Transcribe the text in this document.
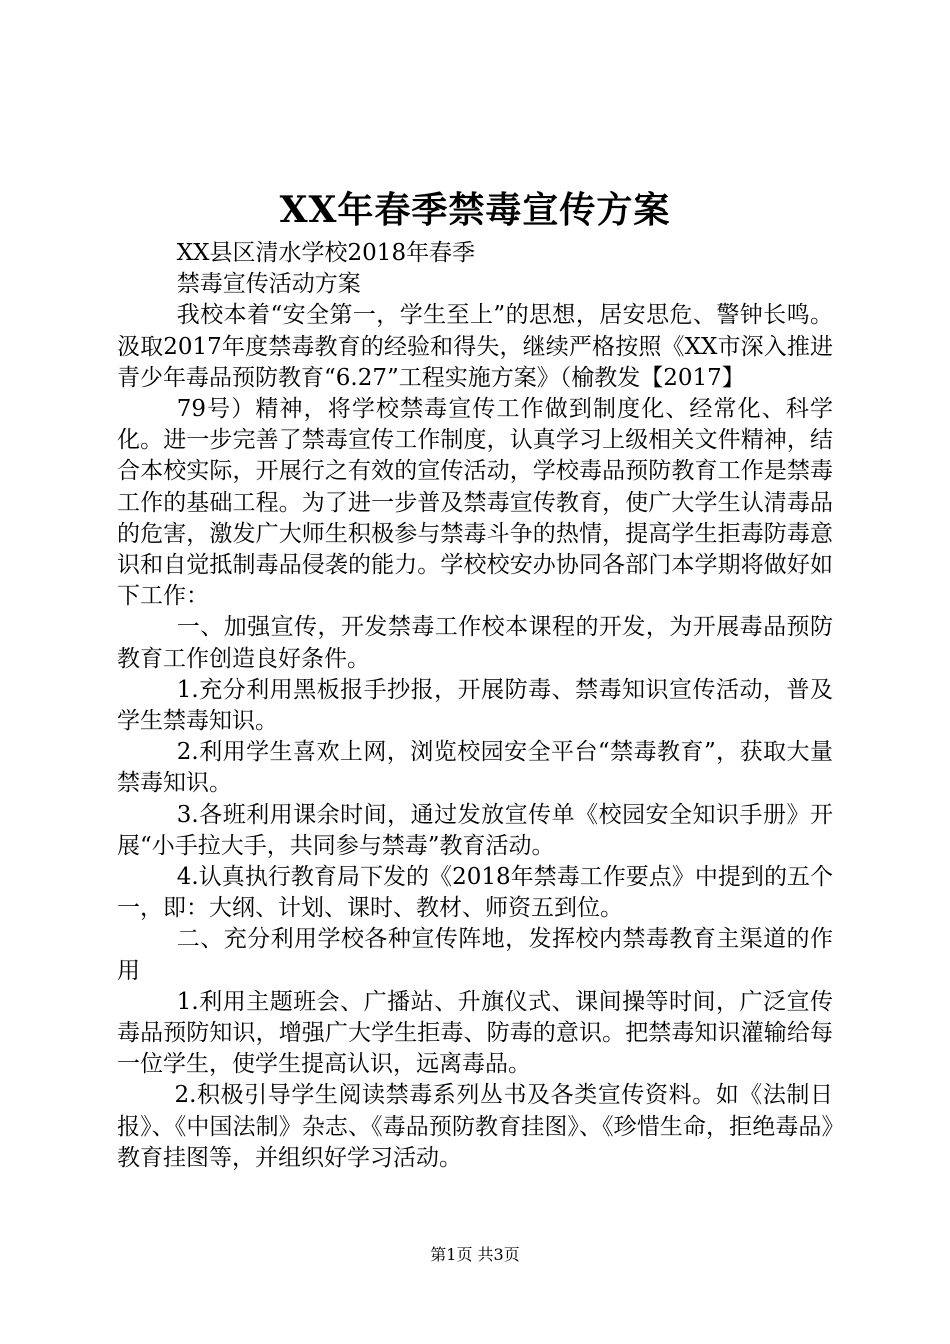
XX年春季禁毒宣传方案

XX县区清水学校2018年春季

禁毒宣传活动方案

我校本着“安全第一，学生至上”的思想，居安思危、警钟长鸣。汲取2017年度禁毒教育的经验和得失，继续严格按照《XX市深入推进青少年毒品预防教育“6.27”工程实施方案》（榆教发【2017】

79号）精神，将学校禁毒宣传工作做到制度化、经常化、科学化。进一步完善了禁毒宣传工作制度，认真学习上级相关文件精神，结合本校实际，开展行之有效的宣传活动，学校毒品预防教育工作是禁毒工作的基础工程。为了进一步普及禁毒宣传教育，使广大学生认清毒品的危害，激发广大师生积极参与禁毒斗争的热情，提高学生拒毒防毒意识和自觉抵制毒品侵袭的能力。学校校安办协同各部门本学期将做好如下工作：

一、加强宣传，开发禁毒工作校本课程的开发，为开展毒品预防教育工作创造良好条件。

1.充分利用黑板报手抄报，开展防毒、禁毒知识宣传活动，普及学生禁毒知识。

2.利用学生喜欢上网，浏览校园安全平台“禁毒教育”，获取大量禁毒知识。

3.各班利用课余时间，通过发放宣传单《校园安全知识手册》开展“小手拉大手，共同参与禁毒”教育活动。

4.认真执行教育局下发的《2018年禁毒工作要点》中提到的五个一，即：大纲、计划、课时、教材、师资五到位。

二、充分利用学校各种宣传阵地，发挥校内禁毒教育主渠道的作用

1.利用主题班会、广播站、升旗仪式、课间操等时间，广泛宣传毒品预防知识，增强广大学生拒毒、防毒的意识。把禁毒知识灌输给每一位学生，使学生提高认识，远离毒品。

2.积极引导学生阅读禁毒系列丛书及各类宣传资料。如《法制日报》、《中国法制》杂志、《毒品预防教育挂图》、《珍惜生命，拒绝毒品》教育挂图等，并组织好学习活动。

第1页 共3页
